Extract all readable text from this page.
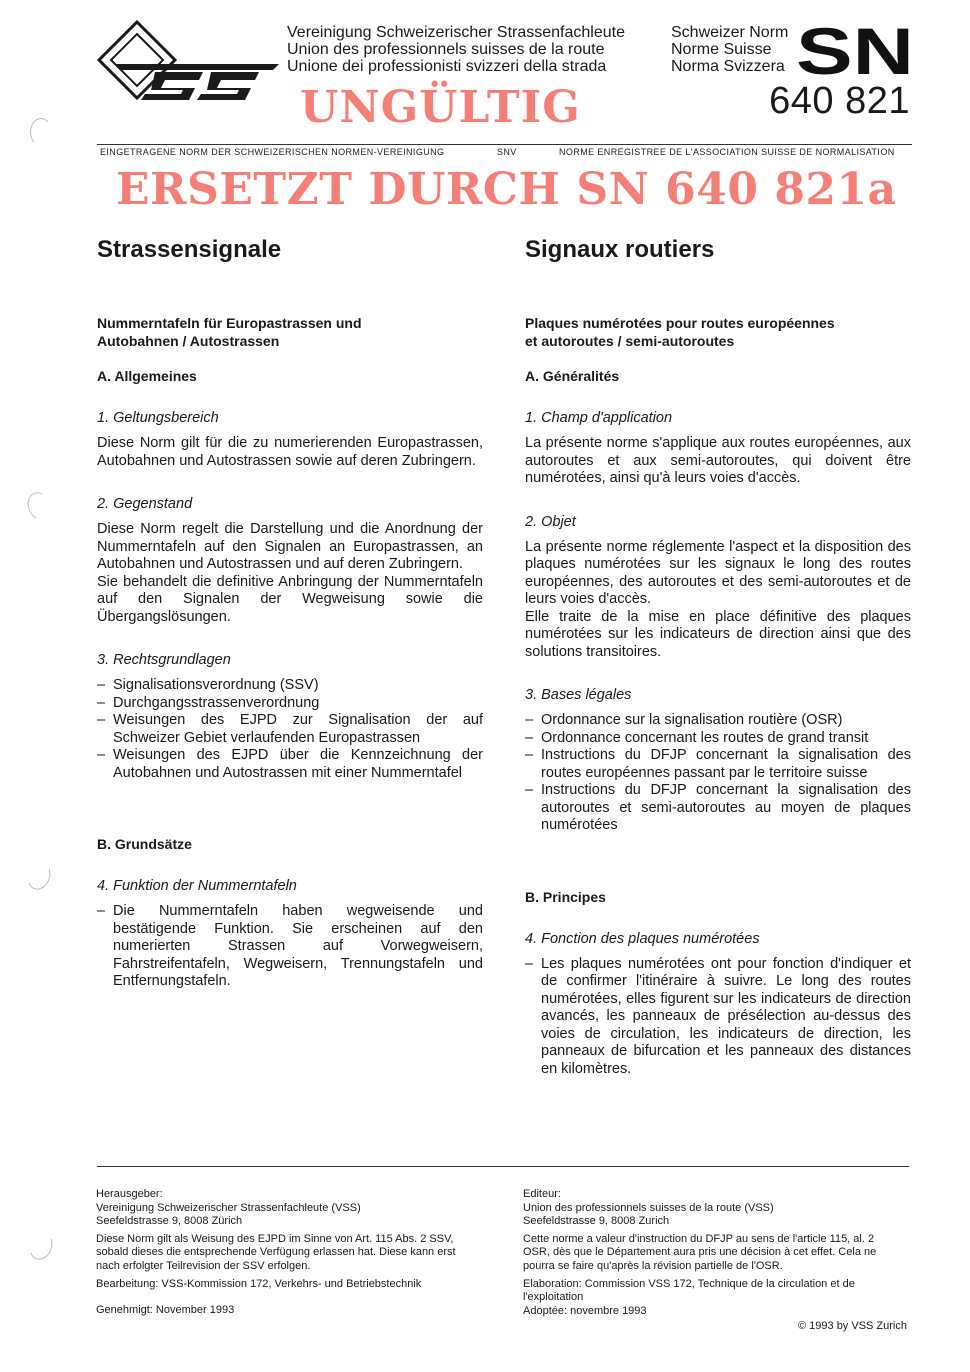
Vereinigung Schweizerischer Strassenfachleute
Union des professionnels suisses de la route
Unione dei professionisti svizzeri della strada
Schweizer Norm
Norme Suisse
Norma Svizzera SN
640 821
UNGÜLTIG
EINGETRAGENE NORM DER SCHWEIZERISCHEN NORMEN-VEREINIGUNG	SNV	NORME ENREGISTREE DE L'ASSOCIATION SUISSE DE NORMALISATION
ERSETZT DURCH SN 640 821a
Strassensignale
Nummerntafeln für Europastrassen und
Autobahnen / Autostrassen
A. Allgemeines
1. Geltungsbereich

Diese Norm gilt für die zu numerierenden Europastrassen, Autobahnen und Autostrassen sowie auf deren Zubringern.

2. Gegenstand

Diese Norm regelt die Darstellung und die Anordnung der Nummerntafeln auf den Signalen an Europastrassen, an Autobahnen und Autostrassen und auf deren Zubringern.

Sie behandelt die definitive Anbringung der Nummerntafeln auf den Signalen der Wegweisung sowie die Übergangslösungen.

3. Rechtsgrundlagen
– Signalisationsverordnung (SSV)
– Durchgangsstrassenverordnung
– Weisungen des EJPD zur Signalisation der auf Schweizer Gebiet verlaufenden Europastrassen
– Weisungen des EJPD über die Kennzeichnung der Autobahnen und Autostrassen mit einer Nummerntafel
B. Grundsätze
4. Funktion der Nummerntafeln
– Die Nummerntafeln haben wegweisende und bestätigende Funktion. Sie erscheinen auf den numerierten Strassen auf Vorwegweisern, Fahrstreifentafeln, Wegweisern, Trennungstafeln und Entfernungstafeln.
Signaux routiers
Plaques numérotées pour routes européennes
et autoroutes / semi-autoroutes
A. Généralités
1. Champ d'application

La présente norme s'applique aux routes européennes, aux autoroutes et aux semi-autoroutes, qui doivent être numérotées, ainsi qu'à leurs voies d'accès.

2. Objet

La présente norme réglemente l'aspect et la disposition des plaques numérotées sur les signaux le long des routes européennes, des autoroutes et des semi-autoroutes et de leurs voies d'accès.

Elle traite de la mise en place définitive des plaques numérotées sur les indicateurs de direction ainsi que des solutions transitoires.

3. Bases légales
– Ordonnance sur la signalisation routière (OSR)
– Ordonnance concernant les routes de grand transit
– Instructions du DFJP concernant la signalisation des routes européennes passant par le territoire suisse
– Instructions du DFJP concernant la signalisation des autoroutes et semi-autoroutes au moyen de plaques numérotées
B. Principes
4. Fonction des plaques numérotées
– Les plaques numérotées ont pour fonction d'indiquer et de confirmer l'itinéraire à suivre. Le long des routes numérotées, elles figurent sur les indicateurs de direction avancés, les panneaux de présélection au-dessus des voies de circulation, les indicateurs de direction, les panneaux de bifurcation et les panneaux des distances en kilomètres.

Herausgeber:

Vereinigung Schweizerischer Strassenfachleute (VSS)

Seefeldstrasse 9, 8008 Zürich

Diese Norm gilt als Weisung des EJPD im Sinne von Art. 115 Abs. 2 SSV, sobald dieses die entsprechende Verfügung erlassen hat. Diese kann erst nach erfolgter Teilrevision der SSV erfolgen.

Bearbeitung: VSS-Kommission 172, Verkehrs- und Betriebstechnik

Genehmigt: November 1993

Editeur:

Union des professionnels suisses de la route (VSS)

Seefeldstrasse 9, 8008 Zurich

Cette norme a valeur d'instruction du DFJP au sens de l'article 115, al. 2 OSR, dès que le Département aura pris une décision à cet effet. Cela ne pourra se faire qu'après la révision partielle de l'OSR.

Elaboration: Commission VSS 172, Technique de la circulation et de l'exploitation

Adoptée: novembre 1993

© 1993 by VSS Zurich
